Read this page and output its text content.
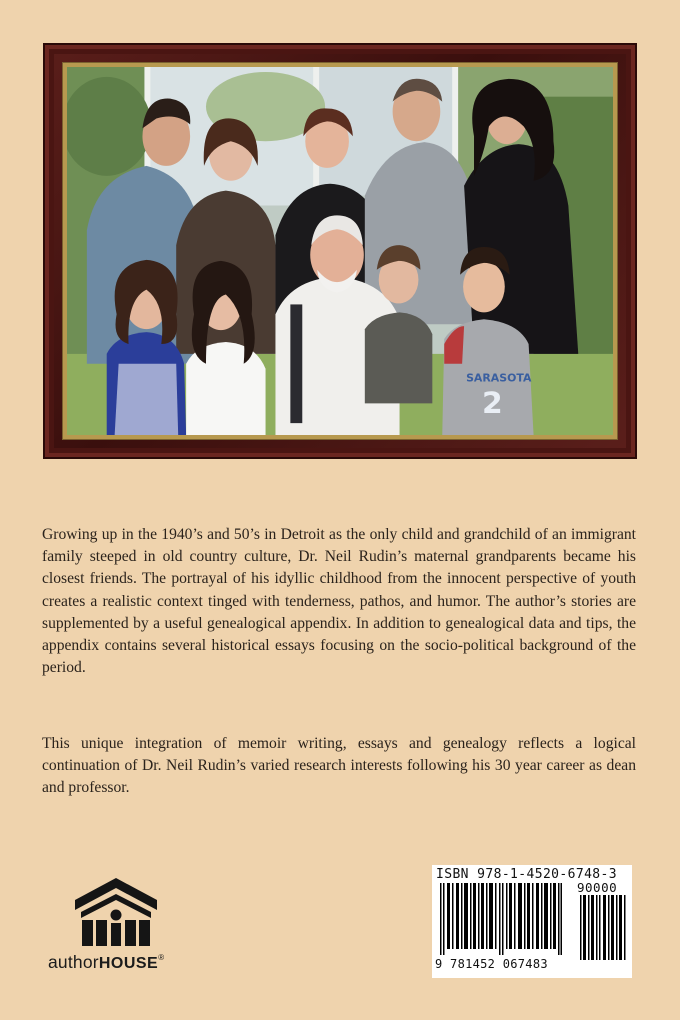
SARASOTA
2

Growing up in the 1940’s and 50’s in Detroit as the only child and grandchild of an immigrant family steeped in old country culture, Dr. Neil Rudin’s maternal grandparents became his closest friends. The portrayal of his idyllic childhood from the innocent perspective of youth creates a realistic context tinged with tenderness, pathos, and humor. The author’s stories are supplemented by a useful genealogical appendix. In addition to genealogical data and tips, the appendix contains several historical essays focusing on the socio-political background of the period.

This unique integration of memoir writing, essays and genealogy reflects a logical continuation of Dr. Neil Rudin’s varied research interests following his 30 year career as dean and professor.

authorHOUSE®
ISBN 978-1-4520-6748-3
90000
9 781452 067483
